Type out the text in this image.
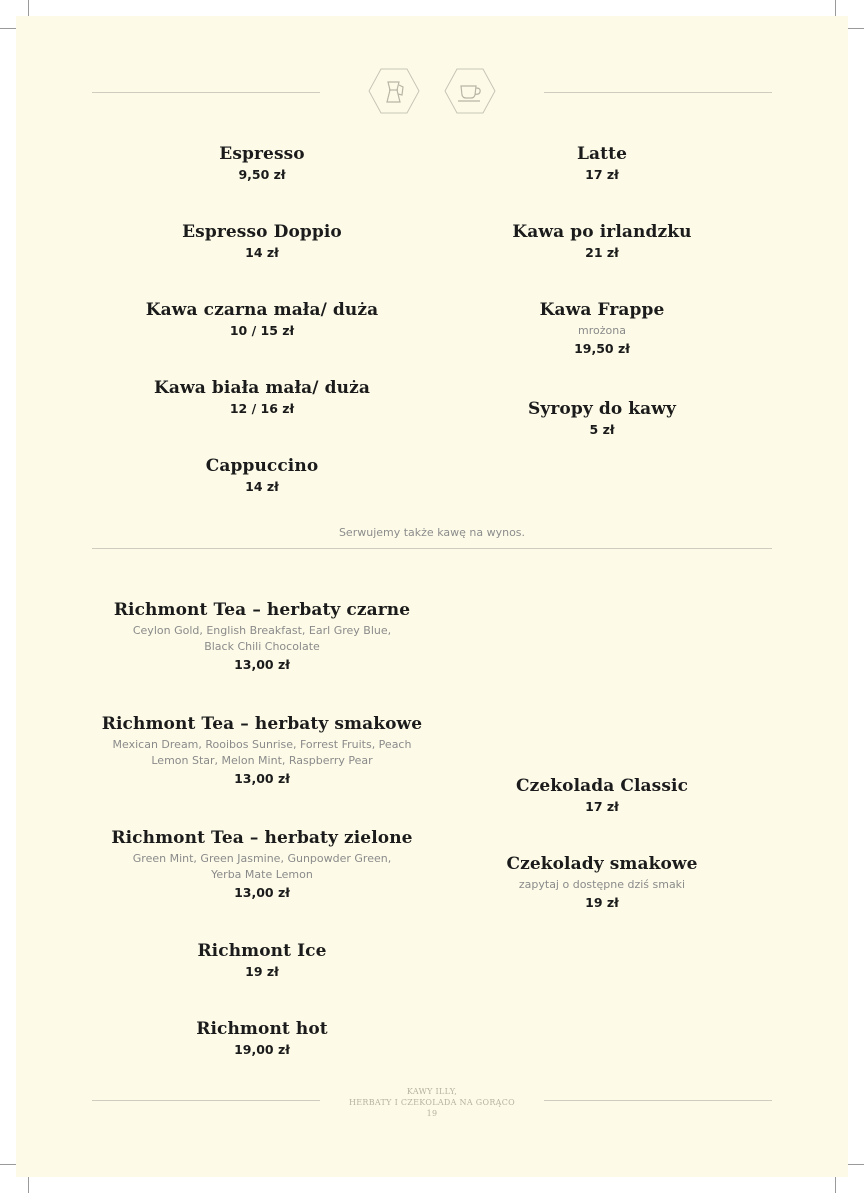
Espresso
9,50 zł
Espresso Doppio
14 zł
Kawa czarna mała/ duża
10 / 15 zł
Kawa biała mała/ duża
12 / 16 zł
Cappuccino
14 zł
Latte
17 zł
Kawa po irlandzku
21 zł
Kawa Frappe
mrożona
19,50 zł
Syropy do kawy
5 zł
Serwujemy także kawę na wynos.
Richmont Tea – herbaty czarne
Ceylon Gold, English Breakfast, Earl Grey Blue,
Black Chili Chocolate
13,00 zł
Richmont Tea – herbaty smakowe
Mexican Dream, Rooibos Sunrise, Forrest Fruits, Peach
Lemon Star, Melon Mint, Raspberry Pear
13,00 zł
Richmont Tea – herbaty zielone
Green Mint, Green Jasmine, Gunpowder Green,
Yerba Mate Lemon
13,00 zł
Richmont Ice
19 zł
Richmont hot
19,00 zł
Czekolada Classic
17 zł
Czekolady smakowe
zapytaj o dostępne dziś smaki
19 zł
KAWY ILLY,
HERBATY I CZEKOLADA NA GORĄCO
19
